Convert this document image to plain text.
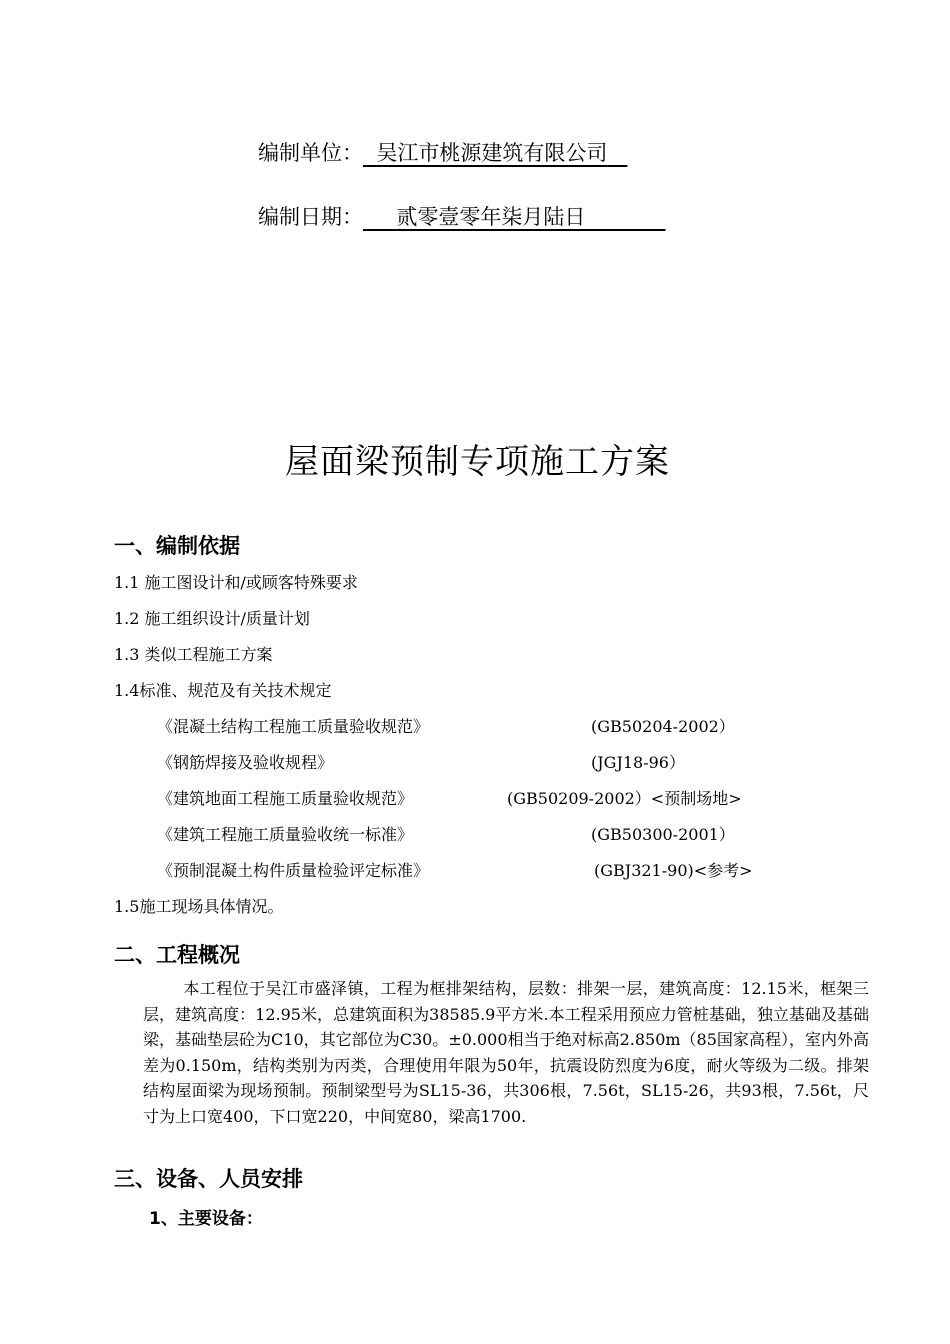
编制单位： 吴江市桃源建筑有限公司
编制日期： 贰零壹零年柒月陆日
屋面梁预制专项施工方案
一、编制依据
1.1 施工图设计和/或顾客特殊要求
1.2 施工组织设计/质量计划
1.3 类似工程施工方案
1.4标准、规范及有关技术规定
《混凝土结构工程施工质量验收规范》	(GB50204-2002）
《钢筋焊接及验收规程》	(JGJ18-96）
《建筑地面工程施工质量验收规范》	(GB50209-2002）<预制场地>
《建筑工程施工质量验收统一标准》	(GB50300-2001）
《预制混凝土构件质量检验评定标准》	(GBJ321-90)<参考>
1.5施工现场具体情况。
二、工程概况
本工程位于吴江市盛泽镇，工程为框排架结构，层数：排架一层，建筑高度：12.15米，框架三层，建筑高度：12.95米，总建筑面积为38585.9平方米.本工程采用预应力管桩基础，独立基础及基础梁，基础垫层砼为C10，其它部位为C30。±0.000相当于绝对标高2.850m（85国家高程），室内外高差为0.150m，结构类别为丙类，合理使用年限为50年，抗震设防烈度为6度，耐火等级为二级。排架结构屋面梁为现场预制。预制梁型号为SL15-36，共306根，7.56t，SL15-26，共93根，7.56t，尺寸为上口宽400，下口宽220，中间宽80，梁高1700.
三、设备、人员安排
1、主要设备：
